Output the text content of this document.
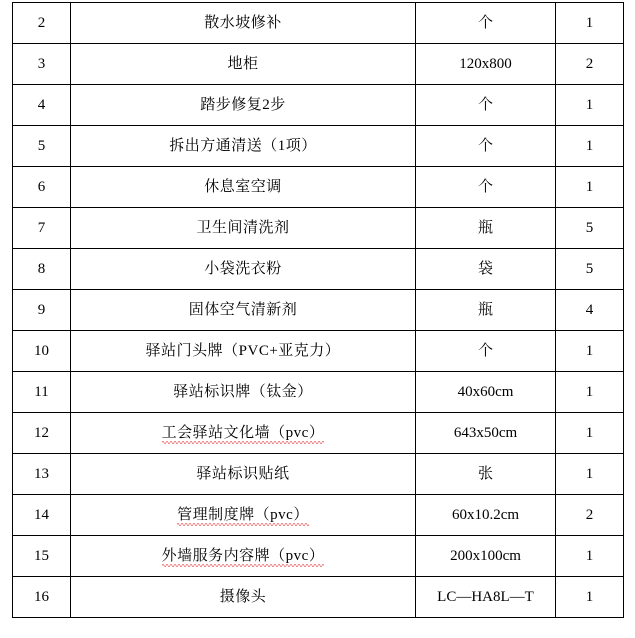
2	散水坡修补	个	1
3	地柜	120x800	2
4	踏步修复2步	个	1
5	拆出方通清送（1项）	个	1
6	休息室空调	个	1
7	卫生间清洗剂	瓶	5
8	小袋洗衣粉	袋	5
9	固体空气清新剂	瓶	4
10	驿站门头牌（PVC+亚克力）	个	1
11	驿站标识牌（钛金）	40x60cm	1
12	工会驿站文化墙（pvc）	643x50cm	1
13	驿站标识贴纸	张	1
14	管理制度牌（pvc）	60x10.2cm	2
15	外墙服务内容牌（pvc）	200x100cm	1
16	摄像头	LC—HA8L—T	1
